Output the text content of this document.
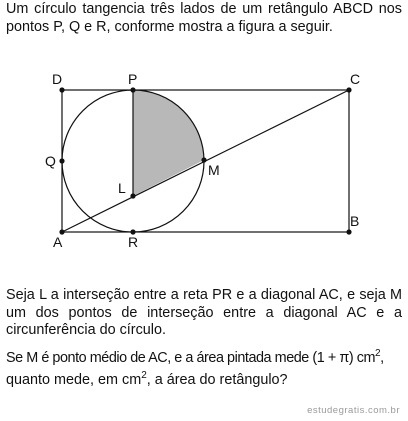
Um círculo tangencia três lados de um retângulo ABCD nos pontos P, Q e R, conforme mostra a figura a seguir.

D	P	C
Q
L
M
B
A	R

Seja L a interseção entre a reta PR e a diagonal AC, e seja M um dos pontos de interseção entre a diagonal AC e a circunferência do círculo.

Se M é ponto médio de AC, e a área pintada mede (1 + π) $cm^2$,
quanto mede, em $cm^2$, a área do retângulo?

estudegratis.com.br
